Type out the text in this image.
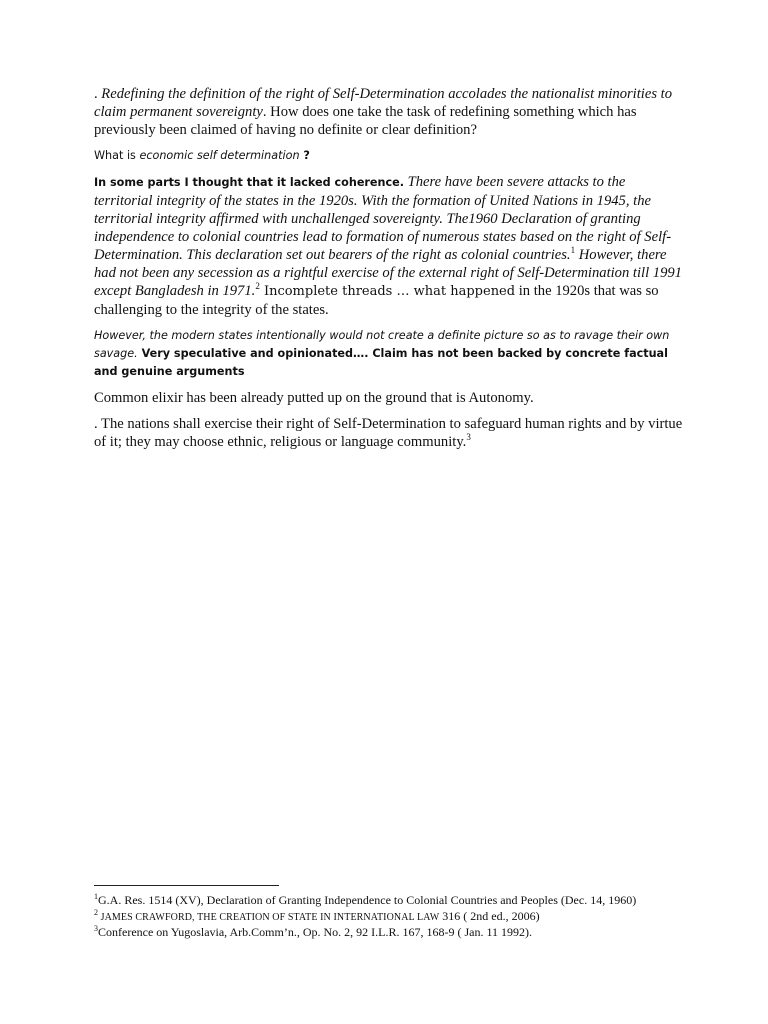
. Redefining the definition of the right of Self-Determination accolades the nationalist minorities to claim permanent sovereignty. How does one take the task of redefining something which has previously been claimed of having no definite or clear definition?

What is economic self determination ?

In some parts I thought that it lacked coherence. There have been severe attacks to the territorial integrity of the states in the 1920s. With the formation of United Nations in 1945, the territorial integrity affirmed with unchallenged sovereignty. The1960 Declaration of granting independence to colonial countries lead to formation of numerous states based on the right of Self-Determination. This declaration set out bearers of the right as colonial countries.$^1$ However, there had not been any secession as a rightful exercise of the external right of Self-Determination till 1991 except Bangladesh in 1971.$^2$ Incomplete threads … what happened in the 1920s that was so challenging to the integrity of the states.

However, the modern states intentionally would not create a definite picture so as to ravage their own savage. Very speculative and opinionated…. Claim has not been backed by concrete factual and genuine arguments

Common elixir has been already putted up on the ground that is Autonomy.

. The nations shall exercise their right of Self-Determination to safeguard human rights and by virtue of it; they may choose ethnic, religious or language community.$^3$

$^1$G.A. Res. 1514 (XV), Declaration of Granting Independence to Colonial Countries and Peoples (Dec. 14, 1960)
$^2$ JAMES CRAWFORD, THE CREATION OF STATE IN INTERNATIONAL LAW 316 ( 2nd ed., 2006)
$^3$Conference on Yugoslavia, Arb.Comm’n., Op. No. 2, 92 I.L.R. 167, 168-9 ( Jan. 11 1992).
